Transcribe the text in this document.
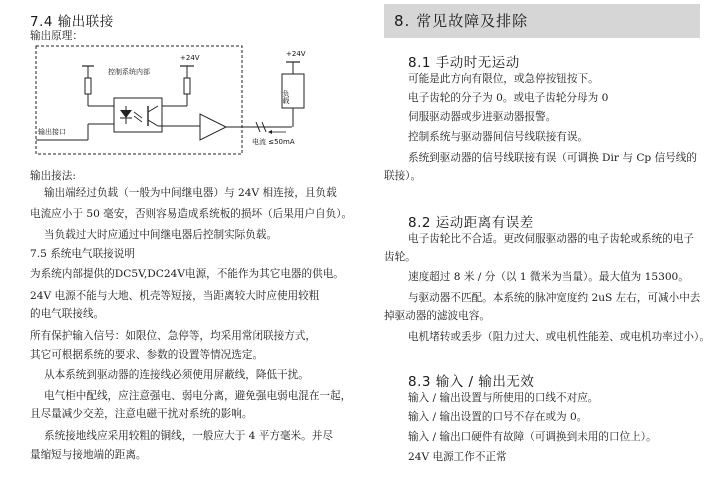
7.4 输出联接
输出原理：
控制系统内部
+24V
输出接口
+24V
负载
电流 ≤50mA
输出接法:
输出端经过负载（一般为中间继电器）与 24V 相连接，且负载
电流应小于 50 毫安，否则容易造成系统板的损坏（后果用户自负）。
当负载过大时应通过中间继电器后控制实际负载。
7.5 系统电气联接说明
为系统内部提供的DC5V,DC24V电源，不能作为其它电器的供电。
24V 电源不能与大地、机壳等短接，当距离较大时应使用较粗
的电气联接线。
所有保护输入信号：如限位、急停等，均采用常闭联接方式，
其它可根据系统的要求、参数的设置等情况选定。
从本系统到驱动器的连接线必须使用屏蔽线，降低干扰。
电气柜中配线，应注意强电、弱电分离，避免强电弱电混在一起，
且尽量减少交差，注意电磁干扰对系统的影响。
系统接地线应采用较粗的铜线，一般应大于 4 平方毫米。并尽
量缩短与接地端的距离。
8. 常见故障及排除
8.1 手动时无运动
可能是此方向有限位，或急停按钮按下。
电子齿轮的分子为 0。或电子齿轮分母为 0
伺服驱动器或步进驱动器报警。
控制系统与驱动器间信号线联接有误。
系统到驱动器的信号线联接有误（可调换 Dir 与 Cp 信号线的
联接）。
8.2 运动距离有误差
电子齿轮比不合适。更改伺服驱动器的电子齿轮或系统的电子
齿轮。
速度超过 8 米 / 分（以 1 微米为当量）。最大值为 15300。
与驱动器不匹配。本系统的脉冲宽度约 2uS 左右，可减小中去
掉驱动器的滤波电容。
电机堵转或丢步（阻力过大、或电机性能差、或电机功率过小）。
8.3 输入 / 输出无效
输入 / 输出设置与所使用的口线不对应。
输入 / 输出设置的口号不存在或为 0。
输入 / 输出口硬件有故障（可调换到未用的口位上）。
24V 电源工作不正常
